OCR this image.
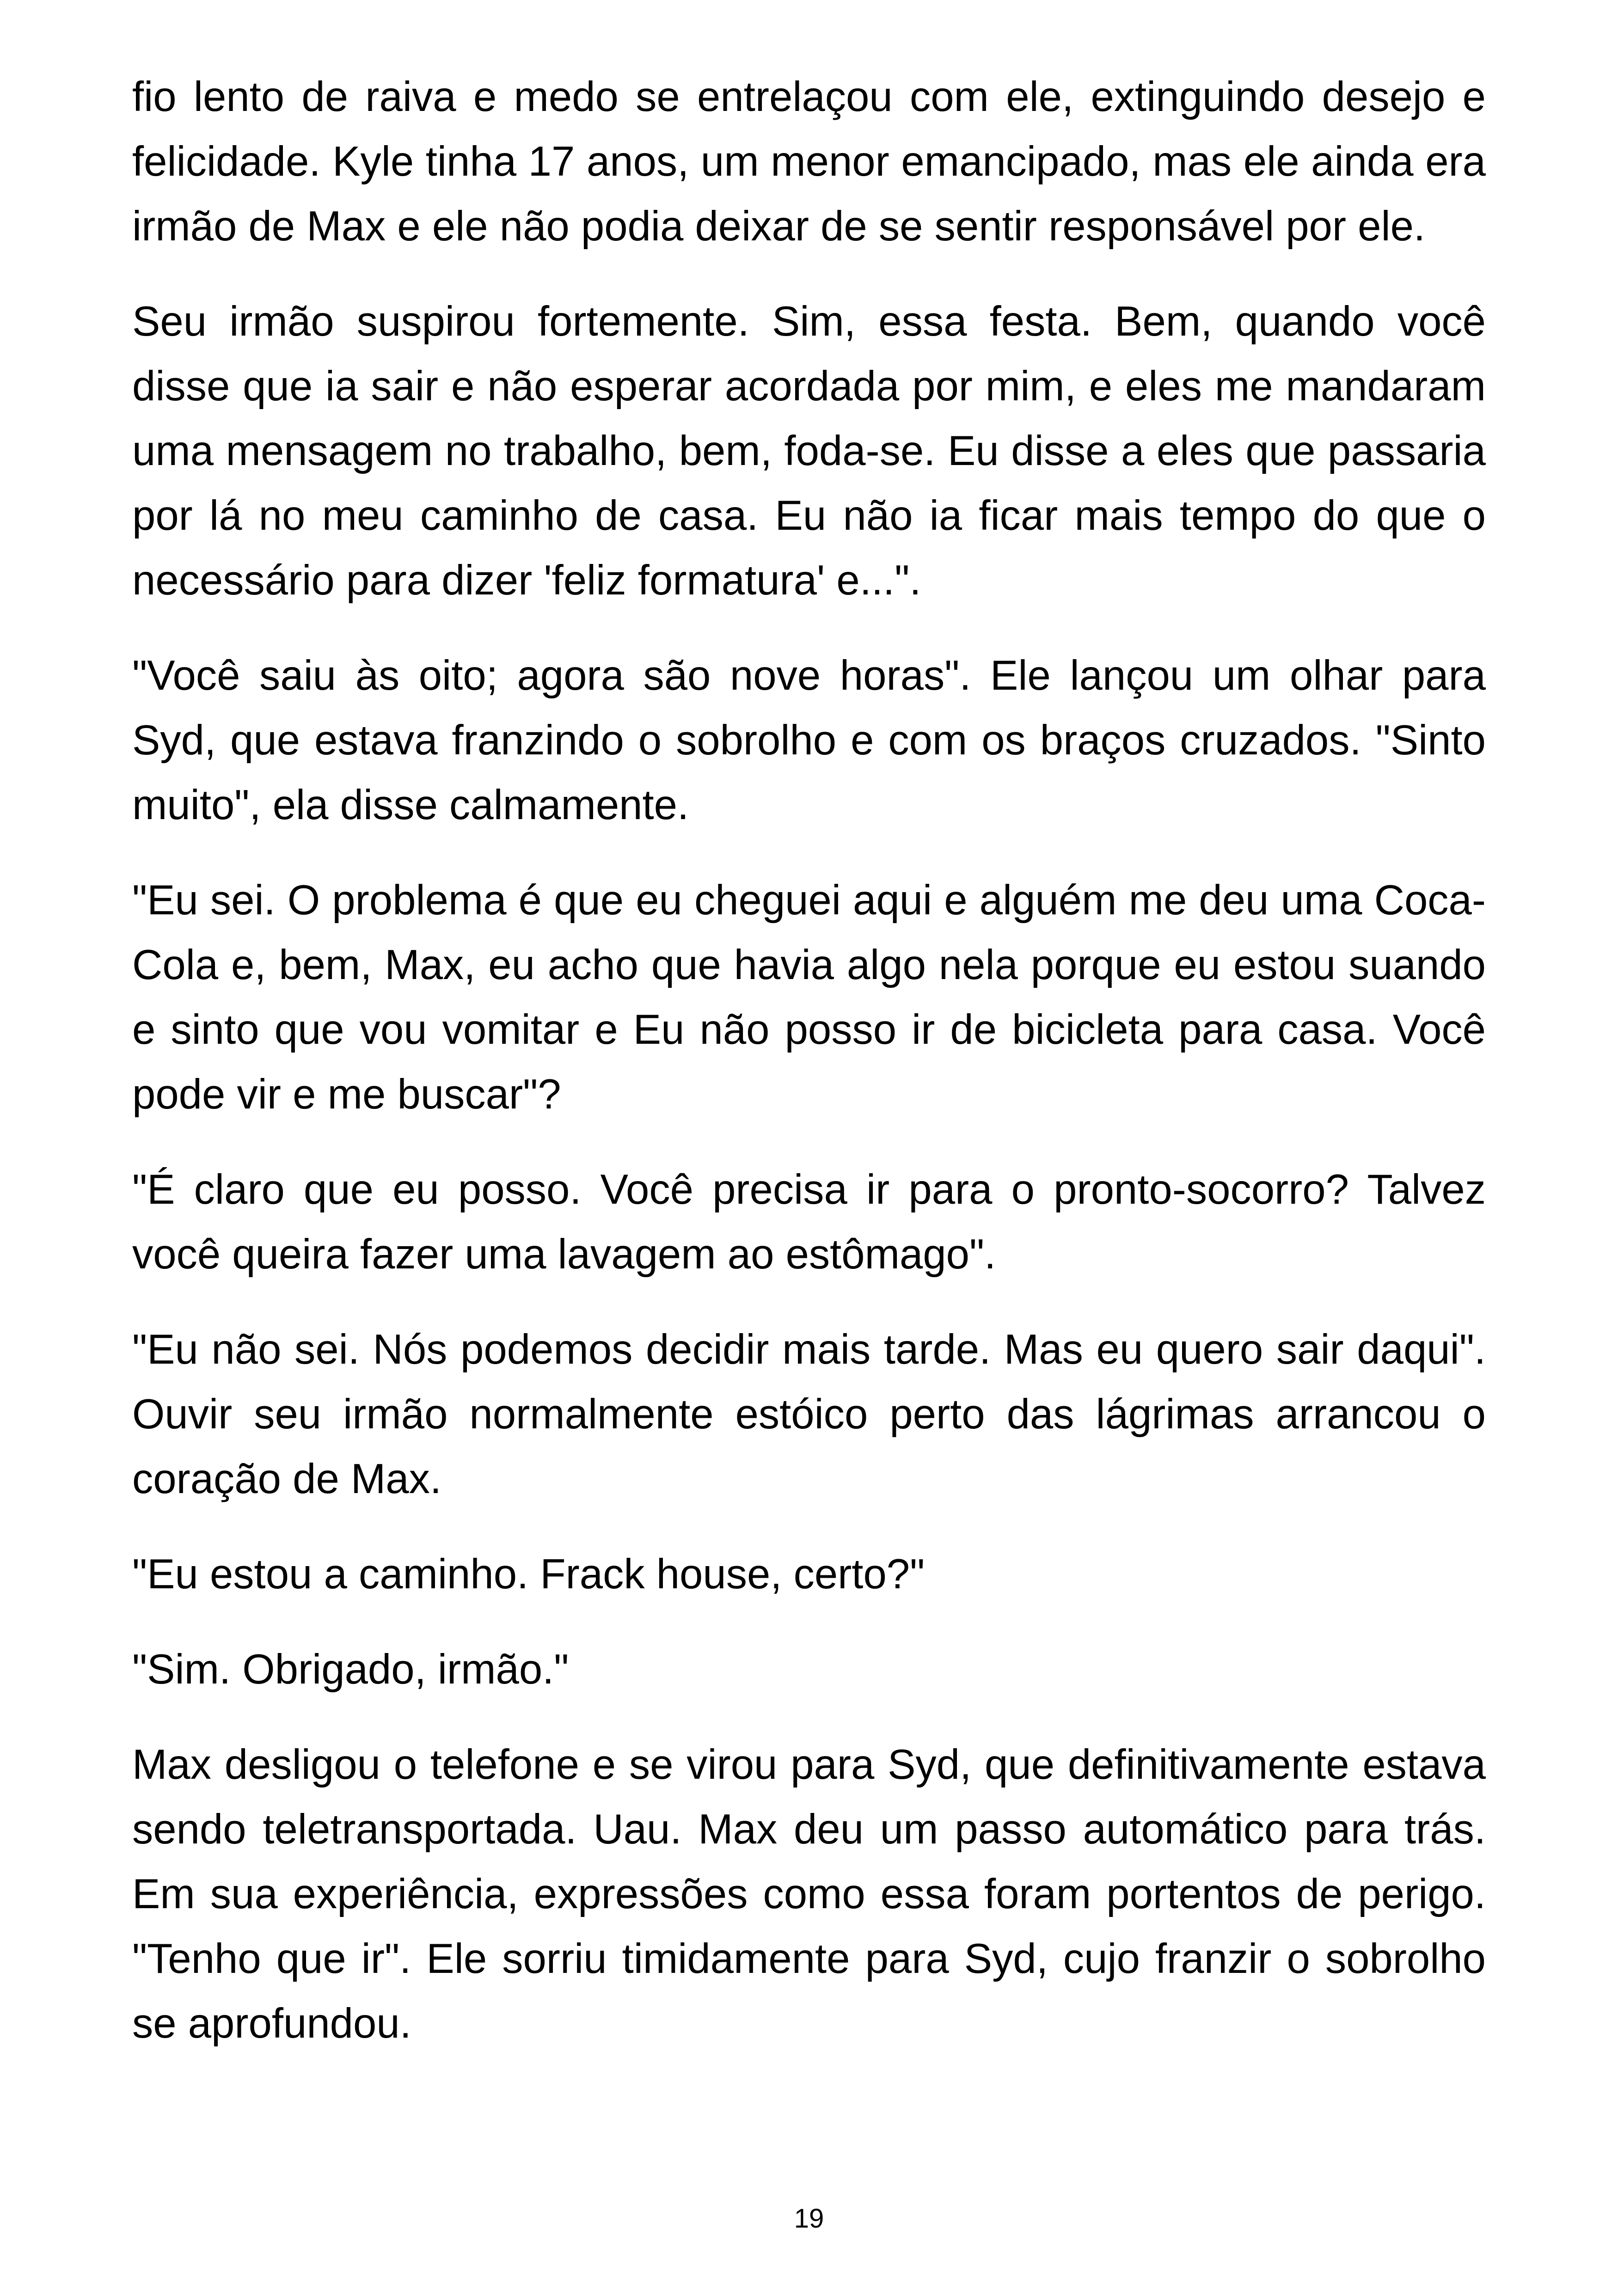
fio lento de raiva e medo se entrelaçou com ele, extinguindo desejo e felicidade. Kyle tinha 17 anos, um menor emancipado, mas ele ainda era irmão de Max e ele não podia deixar de se sentir responsável por ele.

Seu irmão suspirou fortemente. Sim, essa festa. Bem, quando você disse que ia sair e não esperar acordada por mim, e eles me mandaram uma mensagem no trabalho, bem, foda-se. Eu disse a eles que passaria por lá no meu caminho de casa. Eu não ia ficar mais tempo do que o necessário para dizer 'feliz formatura' e...".

"Você saiu às oito; agora são nove horas". Ele lançou um olhar para Syd, que estava franzindo o sobrolho e com os braços cruzados. "Sinto muito", ela disse calmamente.

"Eu sei. O problema é que eu cheguei aqui e alguém me deu uma Coca-Cola e, bem, Max, eu acho que havia algo nela porque eu estou suando e sinto que vou vomitar e Eu não posso ir de bicicleta para casa. Você pode vir e me buscar"?

"É claro que eu posso. Você precisa ir para o pronto-socorro? Talvez você queira fazer uma lavagem ao estômago".

"Eu não sei. Nós podemos decidir mais tarde. Mas eu quero sair daqui". Ouvir seu irmão normalmente estóico perto das lágrimas arrancou o coração de Max.

"Eu estou a caminho. Frack house, certo?"

"Sim. Obrigado, irmão."

Max desligou o telefone e se virou para Syd, que definitivamente estava sendo teletransportada. Uau. Max deu um passo automático para trás. Em sua experiência, expressões como essa foram portentos de perigo. "Tenho que ir". Ele sorriu timidamente para Syd, cujo franzir o sobrolho se aprofundou.

19
